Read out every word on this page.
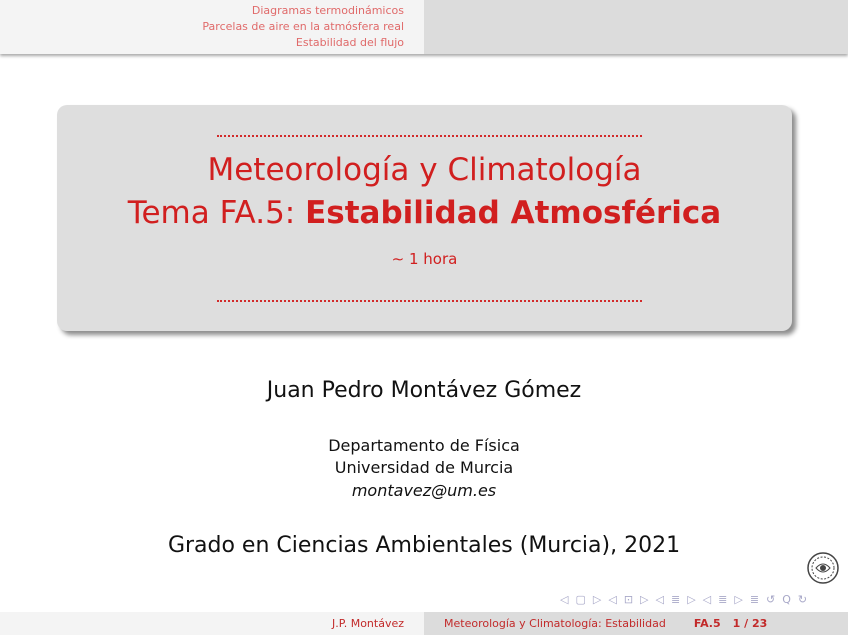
Diagramas termodinámicos
Parcelas de aire en la atmósfera real
Estabilidad del flujo
Meteorología y Climatología
Tema FA.5: Estabilidad Atmosférica
∼ 1 hora
Juan Pedro Montávez Gómez
Departamento de Física
Universidad de Murcia
montavez@um.es
Grado en Ciencias Ambientales (Murcia), 2021
◁ ▢ ▷ ◁ ⊡ ▷ ◁ ≣ ▷ ◁ ≣ ▷ ≣ ↺ Q ↻
J.P. Montávez	Meteorología y Climatología: Estabilidad	FA.5 1 / 23
